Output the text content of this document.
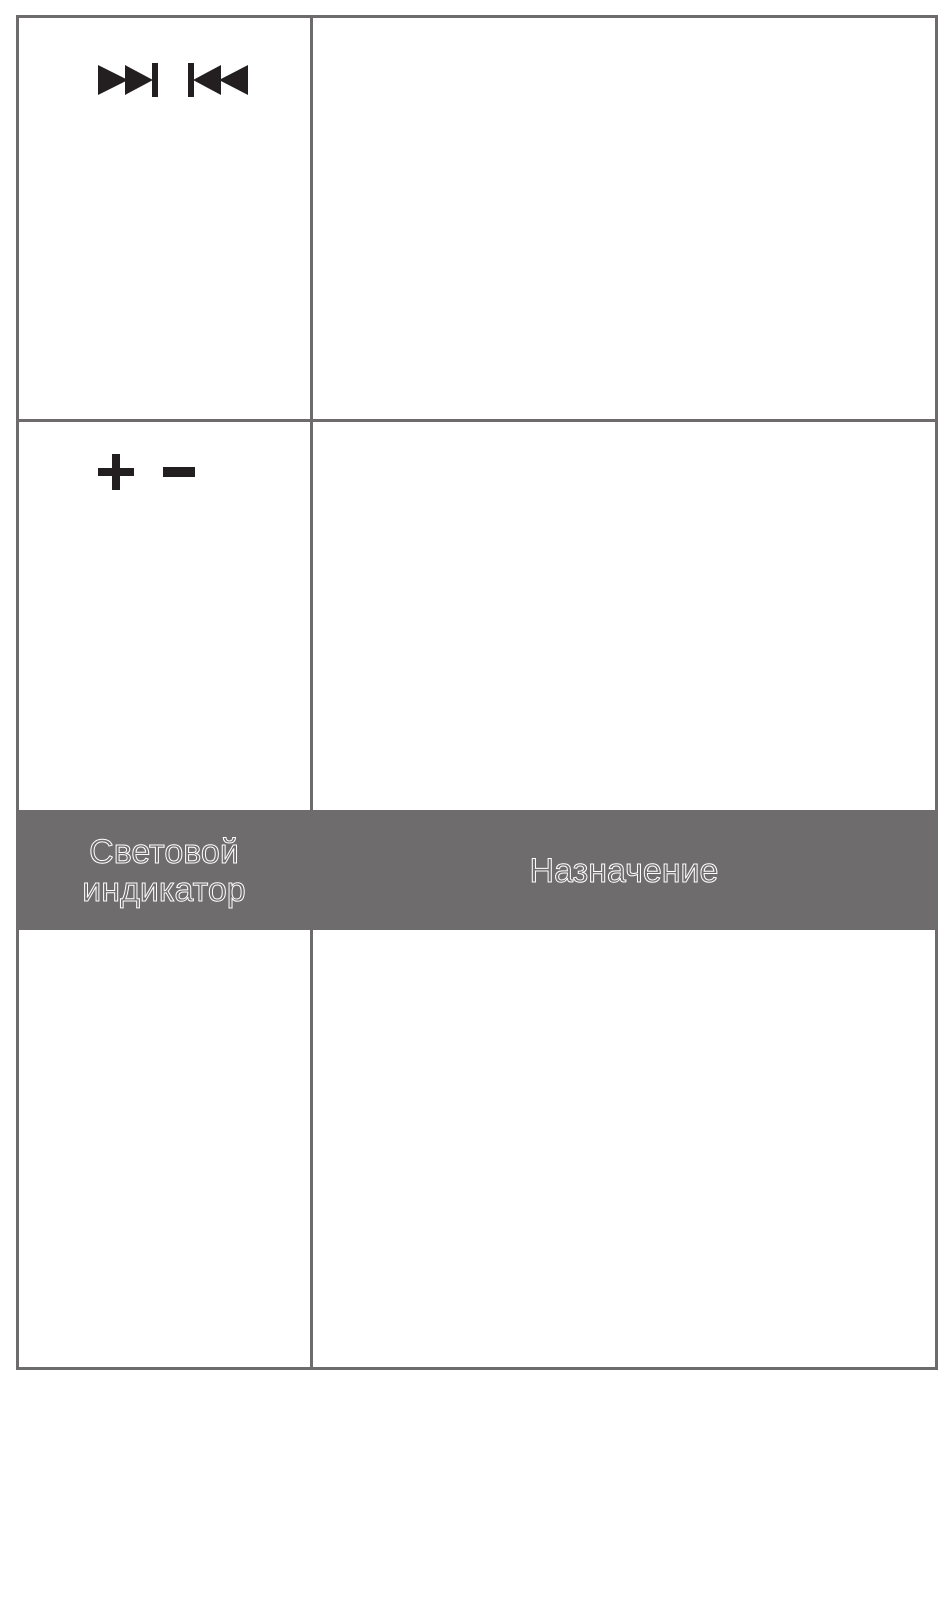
Световой
индикатор	Назначение
